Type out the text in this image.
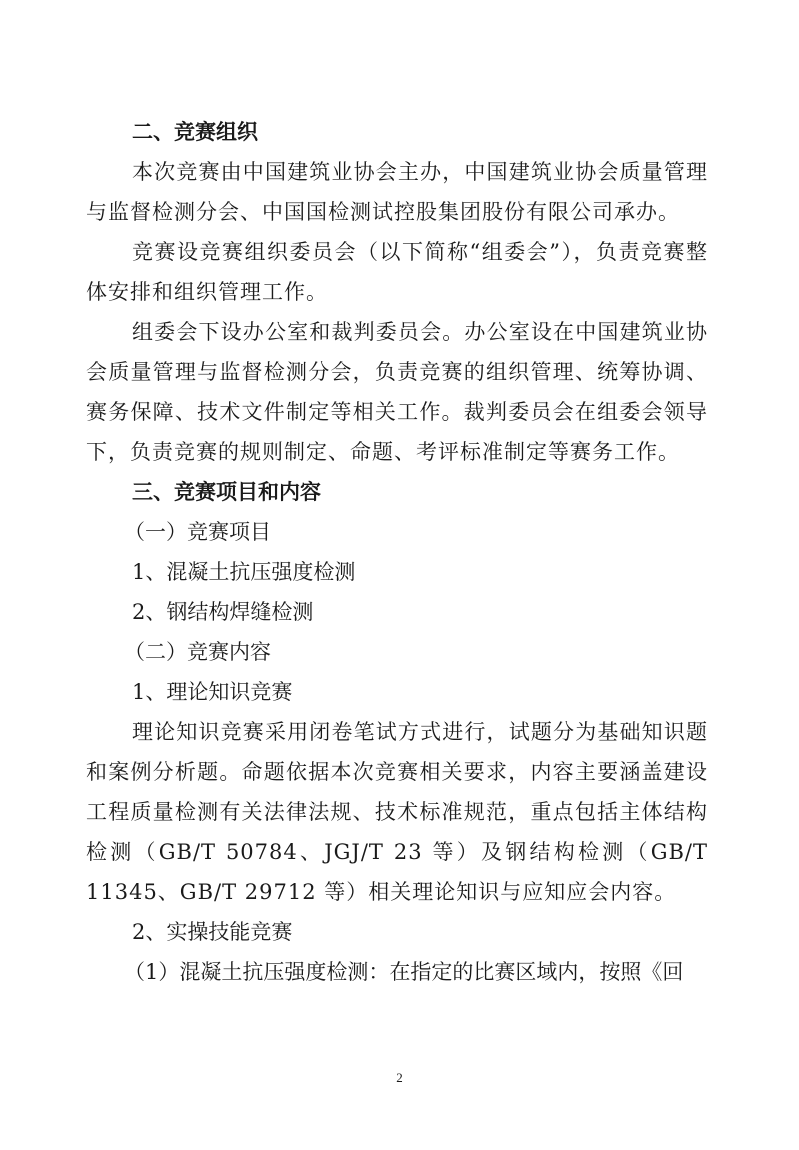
二、竞赛组织

本次竞赛由中国建筑业协会主办，中国建筑业协会质量管理与监督检测分会、中国国检测试控股集团股份有限公司承办。

竞赛设竞赛组织委员会（以下简称“组委会”），负责竞赛整体安排和组织管理工作。

组委会下设办公室和裁判委员会。办公室设在中国建筑业协会质量管理与监督检测分会，负责竞赛的组织管理、统筹协调、赛务保障、技术文件制定等相关工作。裁判委员会在组委会领导下，负责竞赛的规则制定、命题、考评标准制定等赛务工作。

三、竞赛项目和内容

（一）竞赛项目

1、混凝土抗压强度检测

2、钢结构焊缝检测

（二）竞赛内容

1、理论知识竞赛

理论知识竞赛采用闭卷笔试方式进行，试题分为基础知识题和案例分析题。命题依据本次竞赛相关要求，内容主要涵盖建设工程质量检测有关法律法规、技术标准规范，重点包括主体结构检测（GB/T 50784、JGJ/T 23 等）及钢结构检测（GB/T 11345、GB/T 29712 等）相关理论知识与应知应会内容。

2、实操技能竞赛

（1）混凝土抗压强度检测：在指定的比赛区域内，按照《回

2
